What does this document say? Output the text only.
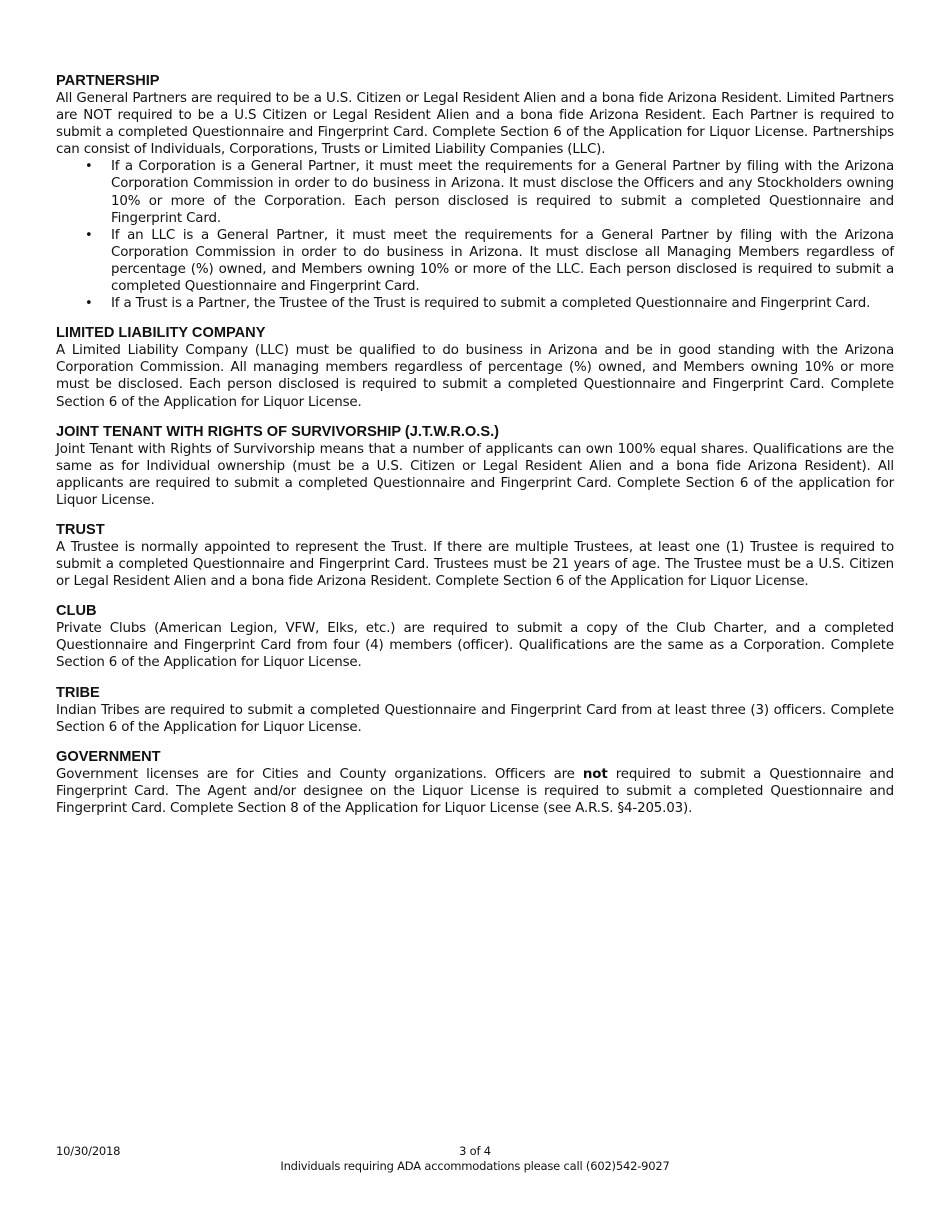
PARTNERSHIP

All General Partners are required to be a U.S. Citizen or Legal Resident Alien and a bona fide Arizona Resident. Limited Partners are NOT required to be a U.S Citizen or Legal Resident Alien and a bona fide Arizona Resident. Each Partner is required to submit a completed Questionnaire and Fingerprint Card. Complete Section 6 of the Application for Liquor License. Partnerships can consist of Individuals, Corporations, Trusts or Limited Liability Companies (LLC).

• If a Corporation is a General Partner, it must meet the requirements for a General Partner by filing with the Arizona Corporation Commission in order to do business in Arizona. It must disclose the Officers and any Stockholders owning 10% or more of the Corporation. Each person disclosed is required to submit a completed Questionnaire and Fingerprint Card.
• If an LLC is a General Partner, it must meet the requirements for a General Partner by filing with the Arizona Corporation Commission in order to do business in Arizona. It must disclose all Managing Members regardless of percentage (%) owned, and Members owning 10% or more of the LLC. Each person disclosed is required to submit a completed Questionnaire and Fingerprint Card.
• If a Trust is a Partner, the Trustee of the Trust is required to submit a completed Questionnaire and Fingerprint Card.

LIMITED LIABILITY COMPANY

A Limited Liability Company (LLC) must be qualified to do business in Arizona and be in good standing with the Arizona Corporation Commission. All managing members regardless of percentage (%) owned, and Members owning 10% or more must be disclosed. Each person disclosed is required to submit a completed Questionnaire and Fingerprint Card. Complete Section 6 of the Application for Liquor License.

JOINT TENANT WITH RIGHTS OF SURVIVORSHIP (J.T.W.R.O.S.)

Joint Tenant with Rights of Survivorship means that a number of applicants can own 100% equal shares. Qualifications are the same as for Individual ownership (must be a U.S. Citizen or Legal Resident Alien and a bona fide Arizona Resident). All applicants are required to submit a completed Questionnaire and Fingerprint Card. Complete Section 6 of the application for Liquor License.

TRUST

A Trustee is normally appointed to represent the Trust. If there are multiple Trustees, at least one (1) Trustee is required to submit a completed Questionnaire and Fingerprint Card. Trustees must be 21 years of age. The Trustee must be a U.S. Citizen or Legal Resident Alien and a bona fide Arizona Resident. Complete Section 6 of the Application for Liquor License.

CLUB

Private Clubs (American Legion, VFW, Elks, etc.) are required to submit a copy of the Club Charter, and a completed Questionnaire and Fingerprint Card from four (4) members (officer). Qualifications are the same as a Corporation. Complete Section 6 of the Application for Liquor License.

TRIBE

Indian Tribes are required to submit a completed Questionnaire and Fingerprint Card from at least three (3) officers. Complete Section 6 of the Application for Liquor License.

GOVERNMENT

Government licenses are for Cities and County organizations. Officers are not required to submit a Questionnaire and Fingerprint Card. The Agent and/or designee on the Liquor License is required to submit a completed Questionnaire and Fingerprint Card. Complete Section 8 of the Application for Liquor License (see A.R.S. §4-205.03).

10/30/2018	3 of 4
Individuals requiring ADA accommodations please call (602)542-9027
